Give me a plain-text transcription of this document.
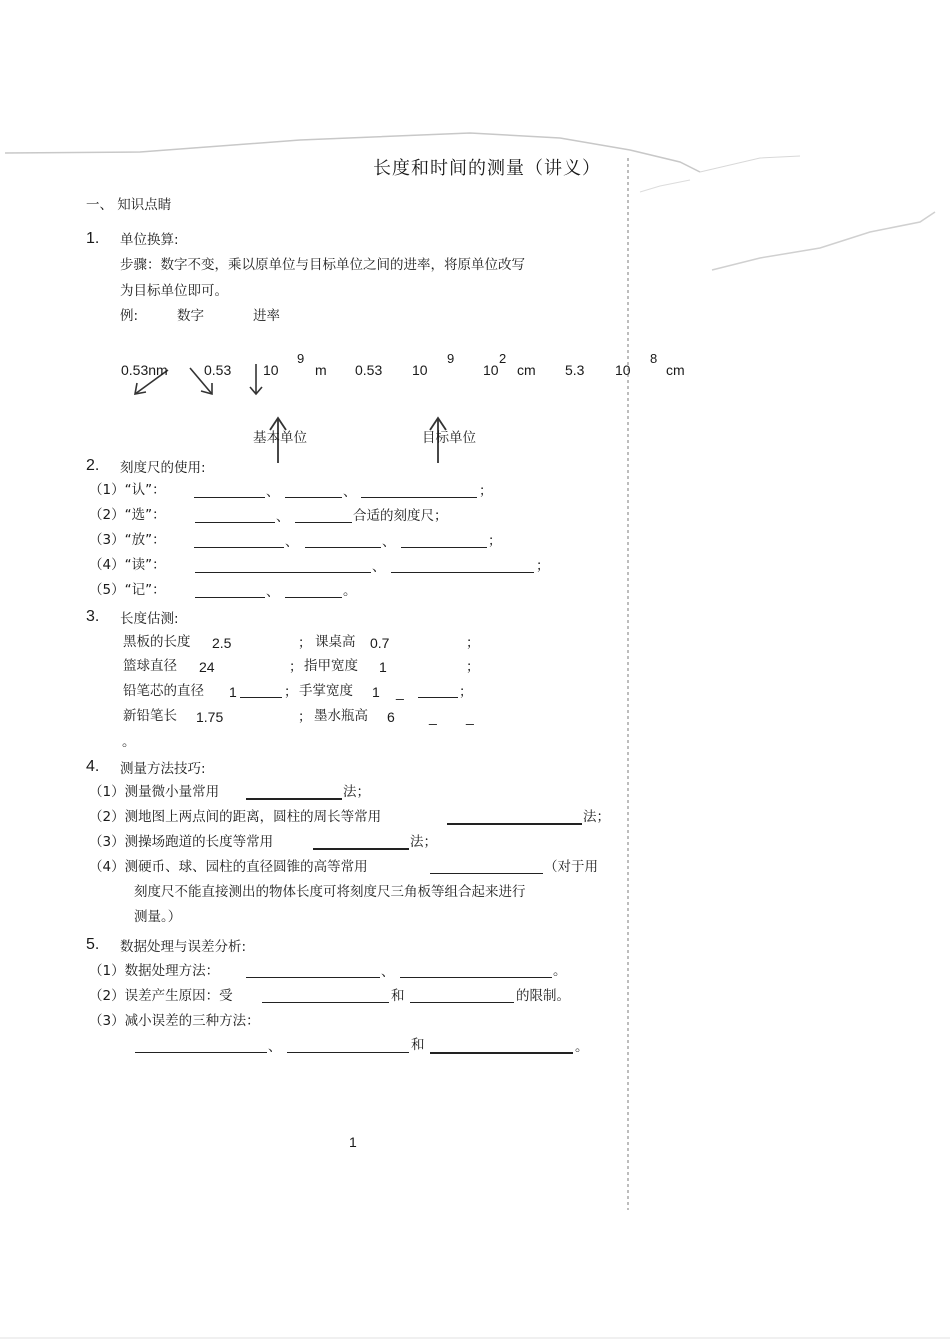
长度和时间的测量（讲义）
一、 知识点睛
1. 单位换算:
步骤：数字不变，乘以原单位与目标单位之间的进率，将原单位改写
为目标单位即可。
例:	数字	进率
0.53nm	0.53 10
9
m 0.53 10
9
10
2
cm 5.3 10
8
cm
基本单位	目标单位
2. 刻度尺的使用:
（1）“认”：	、	、	；
（2）“选”：	、	合适的刻度尺；
（3）“放”：	、	、	；
（4）“读”：	、	；
（5）“记”：	、	。
3. 长度估测:
黑板的长度 2.5	； 课桌高 0.7	；
篮球直径 24	； 指甲宽度 1	；
铅笔芯的直径 1	； 手掌宽度 1 _	；
新铅笔长 1.75	； 墨水瓶高 6 _ _
。
4. 测量方法技巧:
（1）测量微小量常用	法；
（2）测地图上两点间的距离，圆柱的周长等常用	法；
（3）测操场跑道的长度等常用	法；
（4）测硬币、球、园柱的直径圆锥的高等常用	（对于用
刻度尺不能直接测出的物体长度可将刻度尺三角板等组合起来进行
测量。）
5. 数据处理与误差分析:
（1）数据处理方法：	、	。
（2）误差产生原因：受	和	的限制。
（3）减小误差的三种方法：
、	和	。
1
